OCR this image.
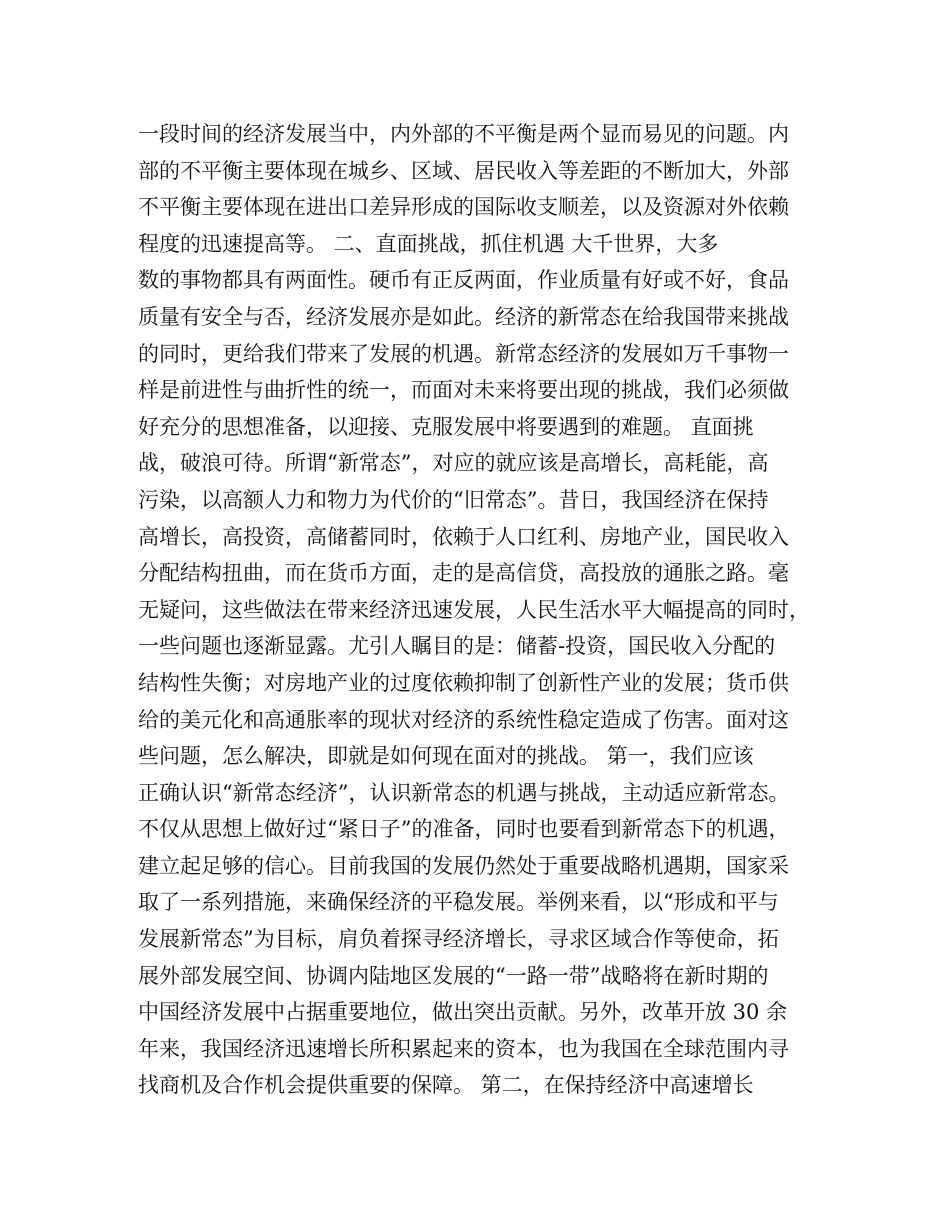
一段时间的经济发展当中，内外部的不平衡是两个显而易见的问题。内
部的不平衡主要体现在城乡、区域、居民收入等差距的不断加大，外部
不平衡主要体现在进出口差异形成的国际收支顺差，以及资源对外依赖
程度的迅速提高等。 二、直面挑战，抓住机遇 大千世界，大多
数的事物都具有两面性。硬币有正反两面，作业质量有好或不好，食品
质量有安全与否，经济发展亦是如此。经济的新常态在给我国带来挑战
的同时，更给我们带来了发展的机遇。新常态经济的发展如万千事物一
样是前进性与曲折性的统一，而面对未来将要出现的挑战，我们必须做
好充分的思想准备，以迎接、克服发展中将要遇到的难题。 直面挑
战，破浪可待。所谓“新常态”，对应的就应该是高增长，高耗能，高
污染，以高额人力和物力为代价的“旧常态”。昔日，我国经济在保持
高增长，高投资，高储蓄同时，依赖于人口红利、房地产业，国民收入
分配结构扭曲，而在货币方面，走的是高信贷，高投放的通胀之路。毫
无疑问，这些做法在带来经济迅速发展，人民生活水平大幅提高的同时，
一些问题也逐渐显露。尤引人瞩目的是：储蓄-投资，国民收入分配的
结构性失衡；对房地产业的过度依赖抑制了创新性产业的发展；货币供
给的美元化和高通胀率的现状对经济的系统性稳定造成了伤害。面对这
些问题，怎么解决，即就是如何现在面对的挑战。 第一，我们应该
正确认识“新常态经济”，认识新常态的机遇与挑战，主动适应新常态。
不仅从思想上做好过“紧日子”的准备，同时也要看到新常态下的机遇，
建立起足够的信心。目前我国的发展仍然处于重要战略机遇期，国家采
取了一系列措施，来确保经济的平稳发展。举例来看，以“形成和平与
发展新常态”为目标，肩负着探寻经济增长，寻求区域合作等使命，拓
展外部发展空间、协调内陆地区发展的“一路一带”战略将在新时期的
中国经济发展中占据重要地位，做出突出贡献。另外，改革开放 30 余
年来，我国经济迅速增长所积累起来的资本，也为我国在全球范围内寻
找商机及合作机会提供重要的保障。 第二，在保持经济中高速增长
